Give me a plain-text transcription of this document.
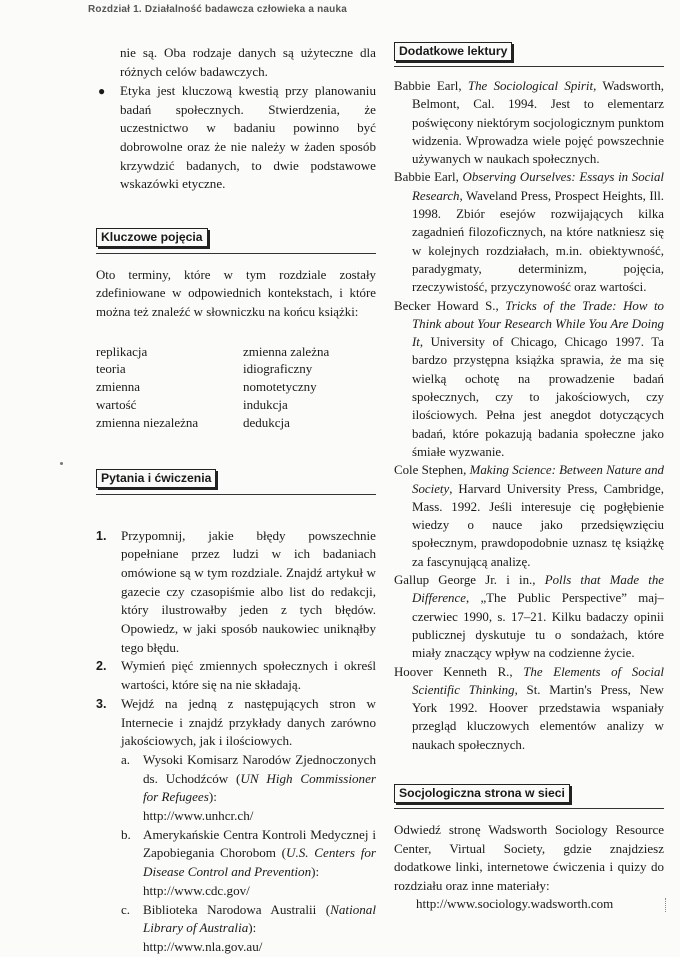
Rozdział 1. Działalność badawcza człowieka a nauka

nie są. Oba rodzaje danych są użyteczne dla różnych celów badawczych.

● Etyka jest kluczową kwestią przy planowaniu badań społecznych. Stwierdzenia, że uczestnictwo w badaniu powinno być dobrowolne oraz że nie należy w żaden sposób krzywdzić badanych, to dwie podstawowe wskazówki etyczne.
Kluczowe pojęcia

Oto terminy, które w tym rozdziale zostały zdefiniowane w odpowiednich kontekstach, i które można też znaleźć w słowniczku na końcu książki:

replikacja
teoria
zmienna
wartość
zmienna niezależna
zmienna zależna
idiograficzny
nomotetyczny
indukcja
dedukcja
Pytania i ćwiczenia
1. Przypomnij, jakie błędy powszechnie popełniane przez ludzi w ich badaniach omówione są w tym rozdziale. Znajdź artykuł w gazecie czy czasopiśmie albo list do redakcji, który ilustrowałby jeden z tych błędów. Opowiedz, w jaki sposób naukowiec uniknąłby tego błędu.
2. Wymień pięć zmiennych społecznych i określ wartości, które się na nie składają.
3. Wejdź na jedną z następujących stron w Internecie i znajdź przykłady danych zarówno jakościowych, jak i ilościowych.
a. Wysoki Komisarz Narodów Zjednoczonych ds. Uchodźców (UN High Commissioner for Refugees):
http://www.unhcr.ch/
b. Amerykańskie Centra Kontroli Medycznej i Zapobiegania Chorobom (U.S. Centers for Disease Control and Prevention):
http://www.cdc.gov/
c. Biblioteka Narodowa Australii (National Library of Australia):
http://www.nla.gov.au/
Dodatkowe lektury

Babbie Earl, The Sociological Spirit, Wadsworth, Belmont, Cal. 1994. Jest to elementarz poświęcony niektórym socjologicznym punktom widzenia. Wprowadza wiele pojęć powszechnie używanych w naukach społecznych.

Babbie Earl, Observing Ourselves: Essays in Social Research, Waveland Press, Prospect Heights, Ill. 1998. Zbiór esejów rozwijających kilka zagadnień filozoficznych, na które natkniesz się w kolejnych rozdziałach, m.in. obiektywność, paradygmaty, determinizm, pojęcia, rzeczywistość, przyczynowość oraz wartości.

Becker Howard S., Tricks of the Trade: How to Think about Your Research While You Are Doing It, University of Chicago, Chicago 1997. Ta bardzo przystępna książka sprawia, że ma się wielką ochotę na prowadzenie badań społecznych, czy to jakościowych, czy ilościowych. Pełna jest anegdot dotyczących badań, które pokazują badania społeczne jako śmiałe wyzwanie.

Cole Stephen, Making Science: Between Nature and Society, Harvard University Press, Cambridge, Mass. 1992. Jeśli interesuje cię pogłębienie wiedzy o nauce jako przedsięwzięciu społecznym, prawdopodobnie uznasz tę książkę za fascynującą analizę.

Gallup George Jr. i in., Polls that Made the Difference, „The Public Perspective” maj–czerwiec 1990, s. 17–21. Kilku badaczy opinii publicznej dyskutuje tu o sondażach, które miały znaczący wpływ na codzienne życie.

Hoover Kenneth R., The Elements of Social Scientific Thinking, St. Martin's Press, New York 1992. Hoover przedstawia wspaniały przegląd kluczowych elementów analizy w naukach społecznych.

Socjologiczna strona w sieci

Odwiedź stronę Wadsworth Sociology Resource Center, Virtual Society, gdzie znajdziesz dodatkowe linki, internetowe ćwiczenia i quizy do rozdziału oraz inne materiały:

http://www.sociology.wadsworth.com
